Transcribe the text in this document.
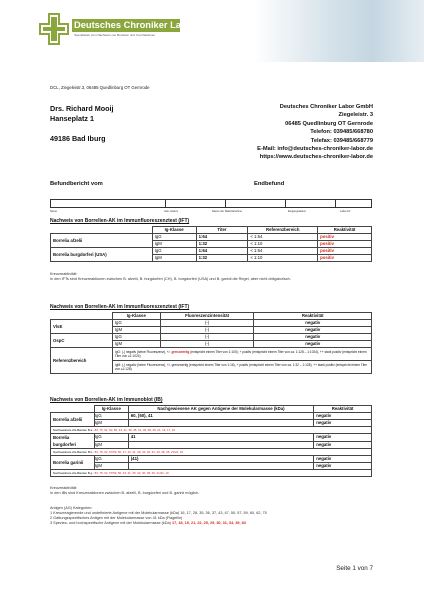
Deutsches Chroniker Labor
Spezialisten zum Nachweis von Borrelien und Co-Infektionen
DCL, Ziegeleistr.3, 06485 Quedlinburg OT Gernrode
Drs. Richard Mooij
Hanseplatz 1
49186 Bad Iburg
Deutsches Chroniker Labor GmbH
Ziegeleistr. 3
06485 Quedlinburg OT Gernrode
Telefon: 039485/668780
Telefax: 039485/668779
E-Mail: info@deutsches-chroniker-labor.de
https://www.deutsches-chroniker-labor.de
Befundbericht vom	Endbefund
Name	Geb.-Datum	Datum der Materialnahme	Eingangsdatum	Labor-Nr.
Nachweis von Borrelien-AK im Immunfluoreszenztest (IFT)
	Ig-Klasse	Titer	Referenzbereich	Reaktivität
Borrelia afzelii	IgG	1:64	< 1:64	positiv
	IgM	1:32	< 1:10	positiv
Borrelia burgdorferi (USA)	IgG	1:64	< 1:64	positiv
	IgM	1:32	< 1:10	positiv
Kreuzreaktivität:
In den IFTs sind Kreuzreaktionen zwischen B. afzelii, B. burgdorferi (CH), B. burgdorferi (USA) und B. garinii die Regel, aber nicht obligatorisch.
Nachweis von Borrelien-AK im Immunfluoreszenztest (IFT)
	Ig-Klasse	Fluoreszenzintensität	Reaktivität
VlsE	IgG	(-)	negativ
	IgM	(-)	negativ
OspC	IgG	(-)	negativ
	IgM	(-)	negativ
Referenzbereich	IgG: (-) negativ (keine Fluoreszenz), +/- grenzwertig (entspricht einem Titer von 1:100), + positiv (entspricht einem Titer von ca. 1:128 – 1:1024), ++ stark positiv (entspricht einem Titer von ≥1:1024)		
	IgM: (-) negativ (keine Fluoreszenz), +/- grenzwertig (entspricht einem Titer von 1:16), + positiv (entspricht einem Titer von ca. 1:32 – 1:128), ++ stark positiv (entspricht einem Titer von ≥1:128)		
Nachweis von Borrelien-AK im Immunoblot (IB)
	Ig-Klasse	Nachgewiesene AK gegen Antigene der Molekularmasse (kDa)	Reaktivität
Borrelia afzelii	IgG	60, (50), 41	negativ
	IgM		negativ
Nachweisbare AG-Banden B.a.: 83, 75, 62, 60, 50, 43, 41, 39, 35, 31, 30, 28, 25, 21, 19, 17, 16			
Borrelia burgdorferi	IgG	41	negativ
	IgM		negativ
Nachweisbare AG-Banden B.b.: 83, 75, 62, 57/59, 50, 47, 43, 41, 39, 34, 32, 31, 29, 28, 25, 21/22, 19			
Borrelia garinii	IgG	(41)	negativ
	IgM		negativ
Nachweisbare AG-Banden B.g.: 83, 75, 62, 57/59, 50, 43, 41, 35, 32, 30, 28, 25, 21/22, 19			
Kreuzreaktivität:
In den IBs sind Kreuzreaktionen zwischen B. afzelii, B. burgdorferi und B. garinii möglich.
Antigen (AG) Kategorien:
1 Kreuzreagierende und undefinierte Antigene mit der Molekularmasse (kDa) 16, 17, 28, 35, 36, 37, 43, 47, 50, 57, 59, 60, 62, 75
2 Gattungsspezifisches Antigen mit der Molekularmasse von 41 kDa (Flagellin)
3 Spezies- und hochspezifische Antigene mit der Molekularmasse (kDa) 17, 18, 19, 21, 22, 25, 29, 30, 31, 34, 39, 83
Seite 1 von 7
